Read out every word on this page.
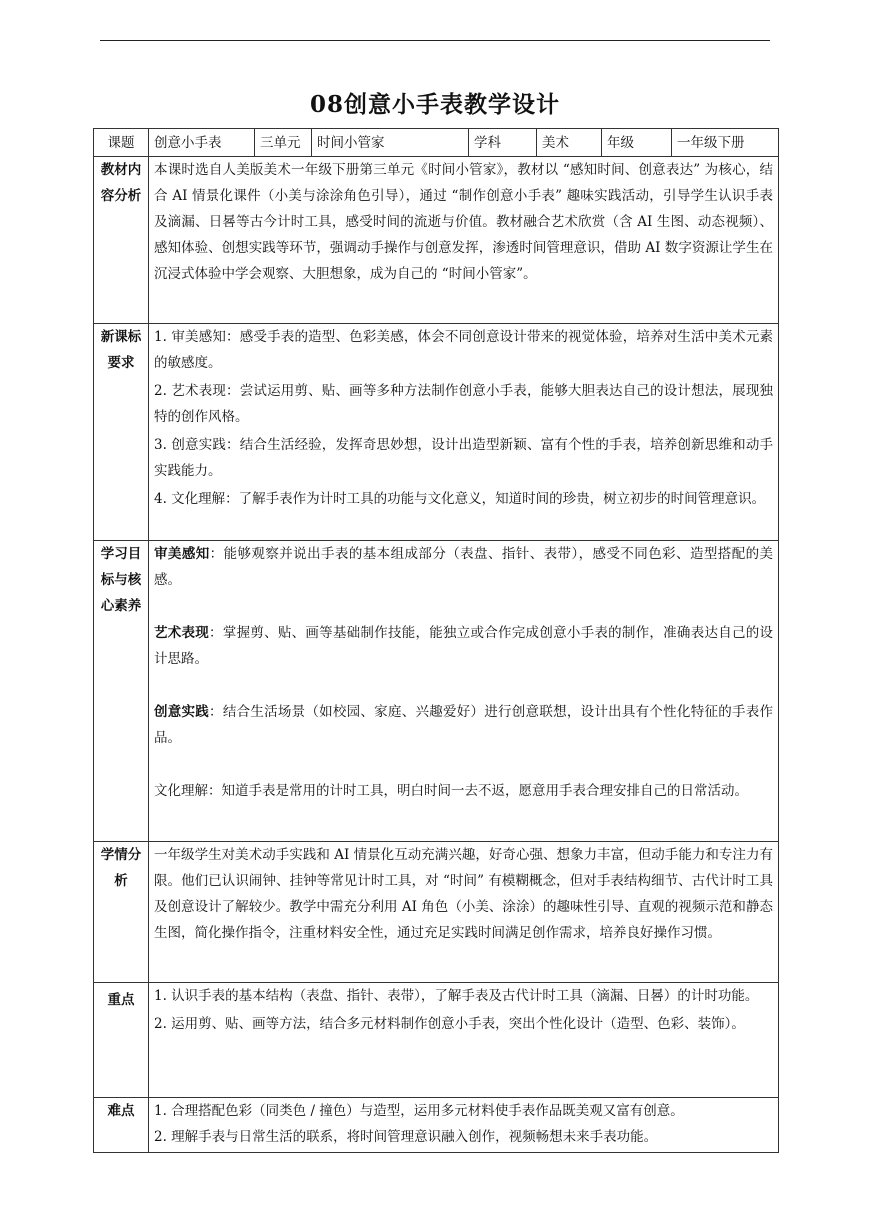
08创意小手表教学设计
课题	创意小手表	三单元	时间小管家	学科	美术	年级	一年级下册
教材内容分析	本课时选自人美版美术一年级下册第三单元《时间小管家》，教材以 “感知时间、创意表达” 为核心，结合 AI 情景化课件（小美与涂涂角色引导），通过 “制作创意小手表” 趣味实践活动，引导学生认识手表及滴漏、日晷等古今计时工具，感受时间的流逝与价值。教材融合艺术欣赏（含 AI 生图、动态视频）、感知体验、创想实践等环节，强调动手操作与创意发挥，渗透时间管理意识，借助 AI 数字资源让学生在沉浸式体验中学会观察、大胆想象，成为自己的 “时间小管家”。						

新课标要求	1. 审美感知：感受手表的造型、色彩美感，体会不同创意设计带来的视觉体验，培养对生活中美术元素的敏感度。

2. 艺术表现：尝试运用剪、贴、画等多种方法制作创意小手表，能够大胆表达自己的设计想法，展现独特的创作风格。

3. 创意实践：结合生活经验，发挥奇思妙想，设计出造型新颖、富有个性的手表，培养创新思维和动手实践能力。

4. 文化理解：了解手表作为计时工具的功能与文化意义，知道时间的珍贵，树立初步的时间管理意识。						

学习目标与核心素养	审美感知：能够观察并说出手表的基本组成部分（表盘、指针、表带），感受不同色彩、造型搭配的美感。

艺术表现：掌握剪、贴、画等基础制作技能，能独立或合作完成创意小手表的制作，准确表达自己的设计思路。

创意实践：结合生活场景（如校园、家庭、兴趣爱好）进行创意联想，设计出具有个性化特征的手表作品。

文化理解：知道手表是常用的计时工具，明白时间一去不返，愿意用手表合理安排自己的日常活动。						

学情分析	一年级学生对美术动手实践和 AI 情景化互动充满兴趣，好奇心强、想象力丰富，但动手能力和专注力有限。他们已认识闹钟、挂钟等常见计时工具，对 “时间” 有模糊概念，但对手表结构细节、古代计时工具及创意设计了解较少。教学中需充分利用 AI 角色（小美、涂涂）的趣味性引导、直观的视频示范和静态生图，简化操作指令，注重材料安全性，通过充足实践时间满足创作需求，培养良好操作习惯。						

重点	1. 认识手表的基本结构（表盘、指针、表带），了解手表及古代计时工具（滴漏、日晷）的计时功能。

2. 运用剪、贴、画等方法，结合多元材料制作创意小手表，突出个性化设计（造型、色彩、装饰）。						

难点	1. 合理搭配色彩（同类色 / 撞色）与造型，运用多元材料使手表作品既美观又富有创意。

2. 理解手表与日常生活的联系，将时间管理意识融入创作，视频畅想未来手表功能。						
